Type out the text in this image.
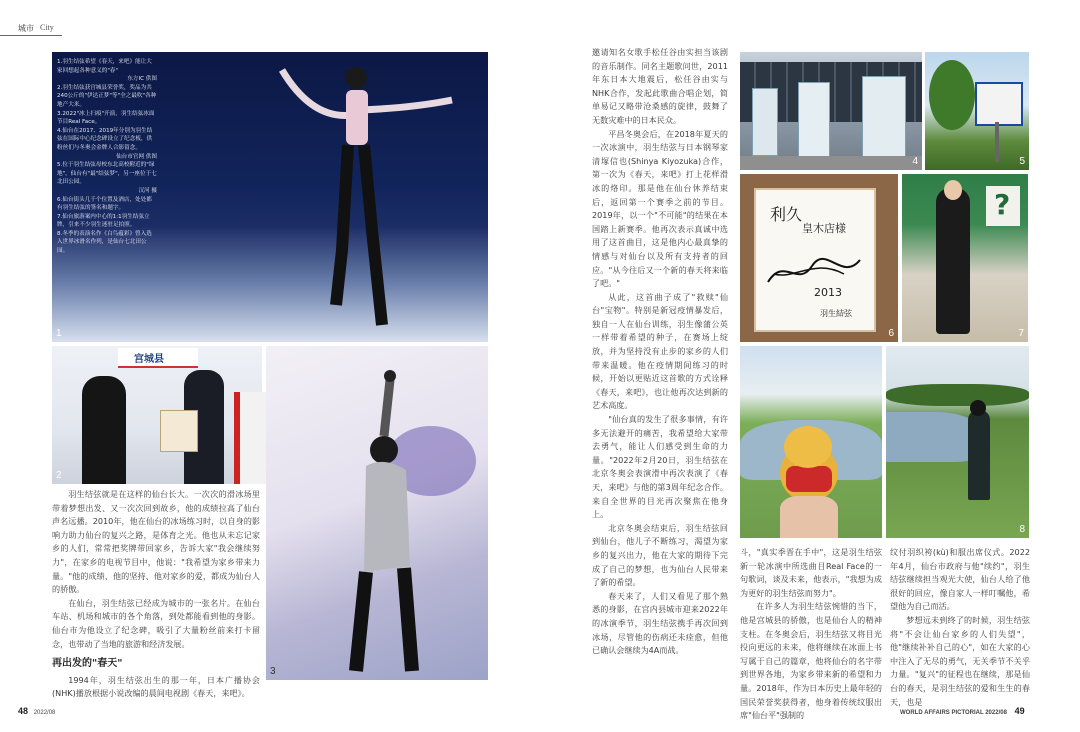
城市 City
1.羽生结弦希望《春天，来吧》能让大家回想起各种意义的"春"
东方IC 供图
2.羽生结弦获宫城县荣誉奖，奖品为共240公斤的"伊达正梦"等"全之最吹"各种地产大米。
3.2022"冰上扫痕"开演，羽生结弦冰面节目Real Face。
4.仙台在2017、2019年分别为羽生结弦在国际中心纪念碑设立了纪念板，供粉丝们与冬奥会金牌人合影留念。
仙台市官网 供图
5.位于羽生结弦母校东北高校附近的"绿地"，仙台有"最"结弦梦"，另一座位于七北田公园。
汉河 摄
6.仙台街头几千个位置及酒店，处处都有羽生结弦的签名和题字。
7.仙台旅游案内中心的1:1羽生结弦立牌，引来不少羽生迷驻足拍照。
8.冬季的表演名作《白鸟蕴彩》曾入选入世界冰滑名作列，是仙台七北田公园。
1
宫城县
2
3

羽生结弦就是在这样的仙台长大。一次次的滑冰场里带着梦想出发、又一次次回到故乡，他的成绩拉高了仙台声名远播。2010年，他在仙台的冰场练习时，以自身的影响力助力仙台的复兴之路，是体育之光。他也从未忘记家乡的人们，常常把奖牌带回家乡，告诉大家"我会继续努力"，在家乡的电视节目中，他说："我希望为家乡带来力量。"他的成绩、他的坚持、他对家乡的爱，都成为仙台人的骄傲。

在仙台，羽生结弦已经成为城市的一张名片。在仙台车站、机场和城市的各个角落，到处都能看到他的身影。仙台市为他设立了纪念碑，吸引了大量粉丝前来打卡留念，也带动了当地的旅游和经济发展。

再出发的"春天"

1994年，羽生结弦出生的那一年，日本广播协会(NHK)播放根据小说改编的晨间电视剧《春天，来吧》。

邀请知名女歌手松任谷由实担当该剧的音乐制作。同名主题歌问世，2011年东日本大地震后，松任谷由实与NHK合作，发起此歌曲合唱企划，简单易记又略带沧桑感的旋律，鼓舞了无数灾难中的日本民众。

平昌冬奥会后，在2018年夏天的一次冰演中，羽生结弦与日本钢琴家清塚信也(Shinya Kiyozuka)合作，第一次为《春天，来吧》打上花样滑冰的烙印。那是他在仙台休养结束后，返回第一个赛季之前的节目。2019年，以一个"不可能"的结果在本国踏上新赛季。他再次表示真诚中选用了这首曲目，这是他内心最真挚的情感与对仙台以及所有支持者的回应。"从今往后又一个新的春天将来临了吧。"

从此，这首曲子成了"救赎"仙台"宝物"。特别是新冠疫情暴发后，独自一人在仙台训练，羽生像蒲公英一样带着希望的种子，在赛场上绽放，并为坚持没有止步的家乡的人们带来温暖。他在疫情期间练习的时候，开始以更贴近这首歌的方式诠释《春天，来吧》，也让他再次达到新的艺术高度。

"仙台真的发生了很多事情，有许多无法避开的痛苦，我希望给大家带去勇气，能让人们感受到生命的力量。"2022年2月20日，羽生结弦在北京冬奥会表演滑中再次表演了《春天，来吧》与他的第3周年纪念合作。来自全世界的目光再次聚焦在他身上。

北京冬奥会结束后，羽生结弦回到仙台，他儿子不断练习，渴望为家乡的复兴出力，他在大家的期待下完成了自己的梦想，也为仙台人民带来了新的希望。

春天来了，人们又看见了那个熟悉的身影，在宫内县城市迎来2022年的冰演季节，羽生结弦携手再次回到冰场，尽管他的伤病还未痊愈，但他已确认会继续为4A而战。

4	5
利久
皇木店様
2013
羽生結弦
6
?
7
8

斗，"真实季晋在手中"，这是羽生结弦新一轮冰演中所选曲目Real Face的一句歌词，谈及未来，他表示，"我想为成为更好的羽生结弦而努力"。

在许多人为羽生结弦惋惜的当下，他是宫城县的骄傲，也是仙台人的精神支柱。在冬奥会后，羽生结弦又将目光投向更远的未来，他将继续在冰面上书写属于自己的篇章，他将仙台的名字带到世界各地，为家乡带来新的希望和力量。2018年，作为日本历史上最年轻的国民荣誉奖获得者，他身着传统纹服出席"仙台平"强制的

纹付羽织袴(kù)和服出席仪式。2022年4月，仙台市政府与他"续约"，羽生结弦继续担当观光大使，仙台人给了他很好的回应，像自家人一样叮嘱他，希望他为自己而活。

梦想远未到终了的时候，羽生结弦将"不会让仙台家乡的人们失望"，他"继续补补自己的心"，如在大家的心中注入了无尽的勇气，无关季节不关乎力量。"复兴"的征程也在继续，那是仙台的春天，是羽生结弦的爱和生生的春天，也是

48 2022/08	WORLD AFFAIRS PICTORIAL 2022/08 49
